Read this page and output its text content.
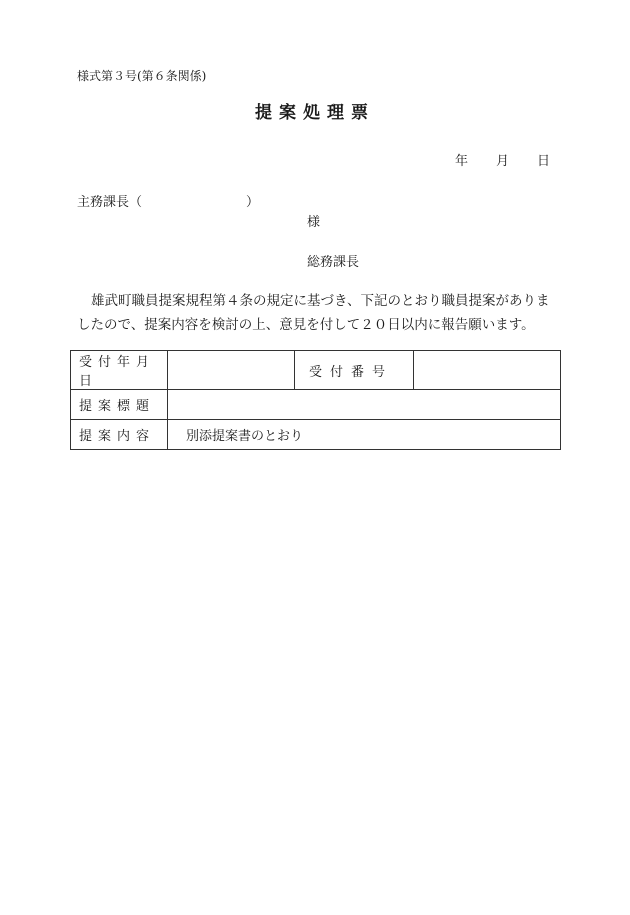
様式第３号(第６条関係)
提案処理票
年 月 日
主務課長（	）
様
総務課長

雄武町職員提案規程第４条の規定に基づき、下記のとおり職員提案がありま

したので、提案内容を検討の上、意見を付して２０日以内に報告願います。

受付年月日		受付番号	
提案標題			
提案内容	別添提案書のとおり		
